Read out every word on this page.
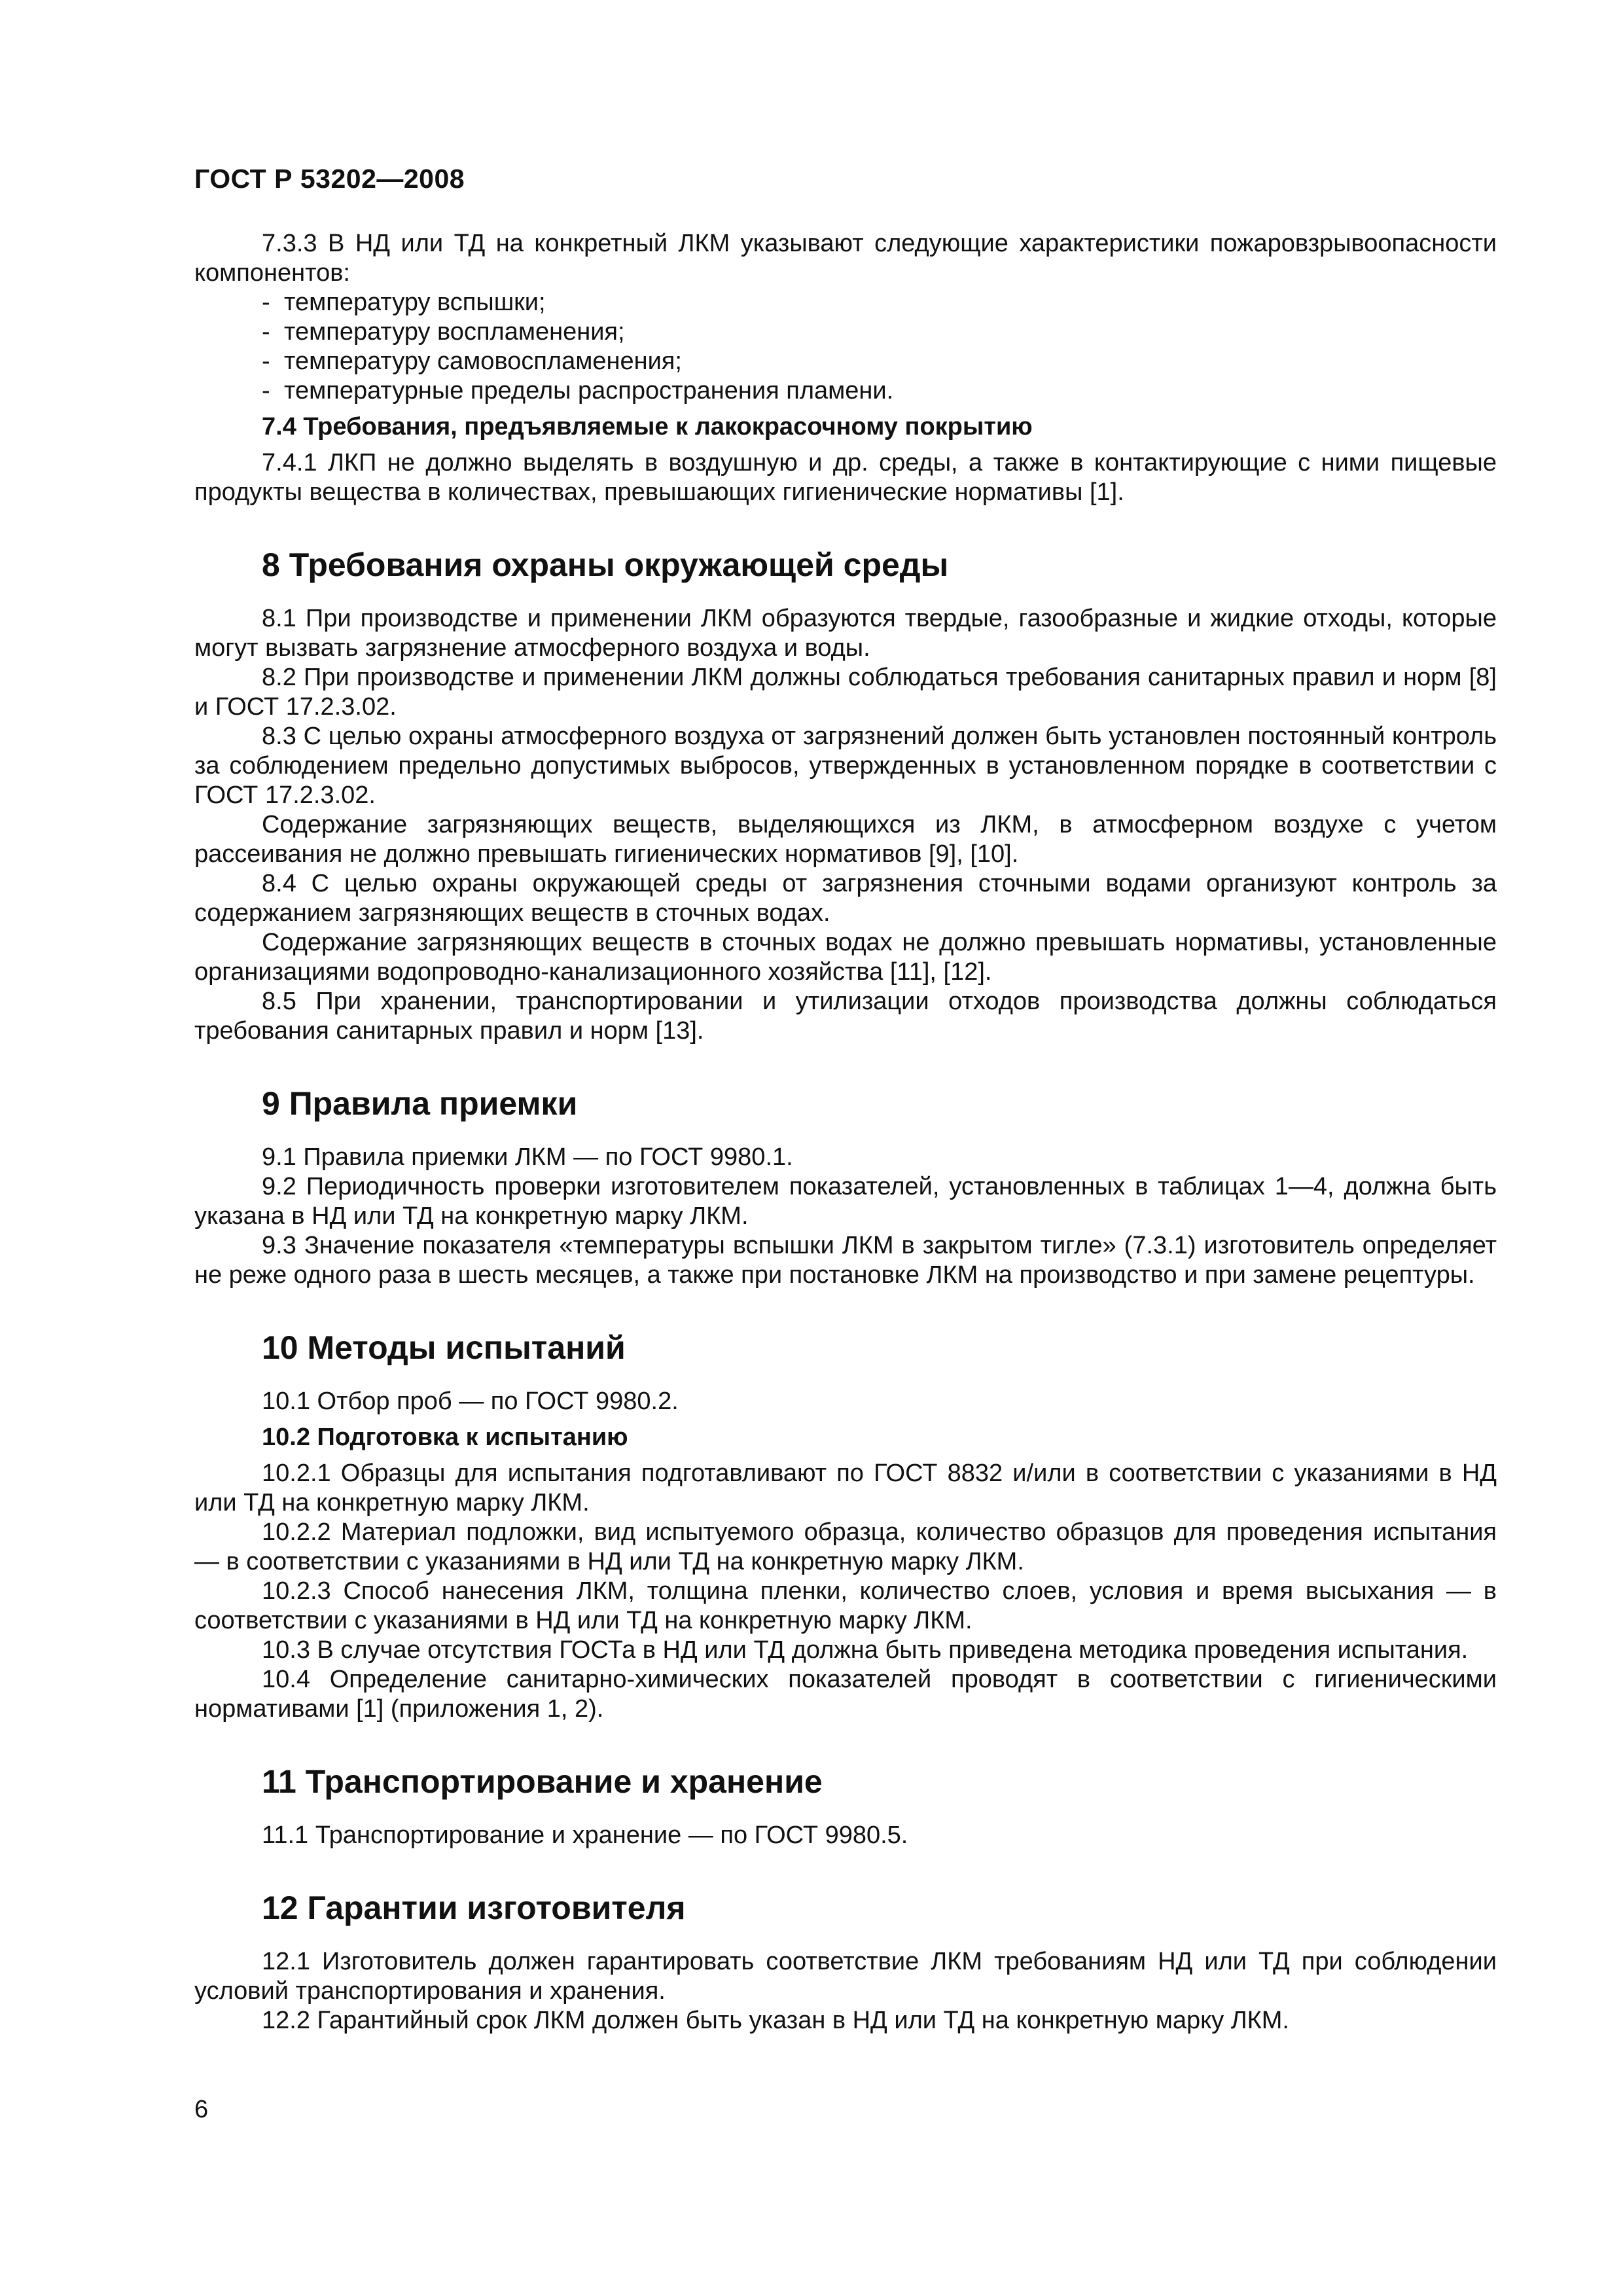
ГОСТ Р 53202—2008

7.3.3 В НД или ТД на конкретный ЛКМ указывают следующие характеристики пожаровзрывоопасности компонентов:

- температуру вспышки;

- температуру воспламенения;

- температуру самовоспламенения;

- температурные пределы распространения пламени.

7.4 Требования, предъявляемые к лакокрасочному покрытию

7.4.1 ЛКП не должно выделять в воздушную и др. среды, а также в контактирующие с ними пищевые продукты вещества в количествах, превышающих гигиенические нормативы [1].

8 Требования охраны окружающей среды

8.1 При производстве и применении ЛКМ образуются твердые, газообразные и жидкие отходы, которые могут вызвать загрязнение атмосферного воздуха и воды.

8.2 При производстве и применении ЛКМ должны соблюдаться требования санитарных правил и норм [8] и ГОСТ 17.2.3.02.

8.3 С целью охраны атмосферного воздуха от загрязнений должен быть установлен постоянный контроль за соблюдением предельно допустимых выбросов, утвержденных в установленном порядке в соответствии с ГОСТ 17.2.3.02.

Содержание загрязняющих веществ, выделяющихся из ЛКМ, в атмосферном воздухе с учетом рассеивания не должно превышать гигиенических нормативов [9], [10].

8.4 С целью охраны окружающей среды от загрязнения сточными водами организуют контроль за содержанием загрязняющих веществ в сточных водах.

Содержание загрязняющих веществ в сточных водах не должно превышать нормативы, установленные организациями водопроводно-канализационного хозяйства [11], [12].

8.5 При хранении, транспортировании и утилизации отходов производства должны соблюдаться требования санитарных правил и норм [13].

9 Правила приемки

9.1 Правила приемки ЛКМ — по ГОСТ 9980.1.

9.2 Периодичность проверки изготовителем показателей, установленных в таблицах 1—4, должна быть указана в НД или ТД на конкретную марку ЛКМ.

9.3 Значение показателя «температуры вспышки ЛКМ в закрытом тигле» (7.3.1) изготовитель определяет не реже одного раза в шесть месяцев, а также при постановке ЛКМ на производство и при замене рецептуры.

10 Методы испытаний

10.1 Отбор проб — по ГОСТ 9980.2.

10.2 Подготовка к испытанию

10.2.1 Образцы для испытания подготавливают по ГОСТ 8832 и/или в соответствии с указаниями в НД или ТД на конкретную марку ЛКМ.

10.2.2 Материал подложки, вид испытуемого образца, количество образцов для проведения испытания — в соответствии с указаниями в НД или ТД на конкретную марку ЛКМ.

10.2.3 Способ нанесения ЛКМ, толщина пленки, количество слоев, условия и время высыхания — в соответствии с указаниями в НД или ТД на конкретную марку ЛКМ.

10.3 В случае отсутствия ГОСТа в НД или ТД должна быть приведена методика проведения испытания.

10.4 Определение санитарно-химических показателей проводят в соответствии с гигиеническими нормативами [1] (приложения 1, 2).

11 Транспортирование и хранение

11.1 Транспортирование и хранение — по ГОСТ 9980.5.

12 Гарантии изготовителя

12.1 Изготовитель должен гарантировать соответствие ЛКМ требованиям НД или ТД при соблюдении условий транспортирования и хранения.

12.2 Гарантийный срок ЛКМ должен быть указан в НД или ТД на конкретную марку ЛКМ.

6
